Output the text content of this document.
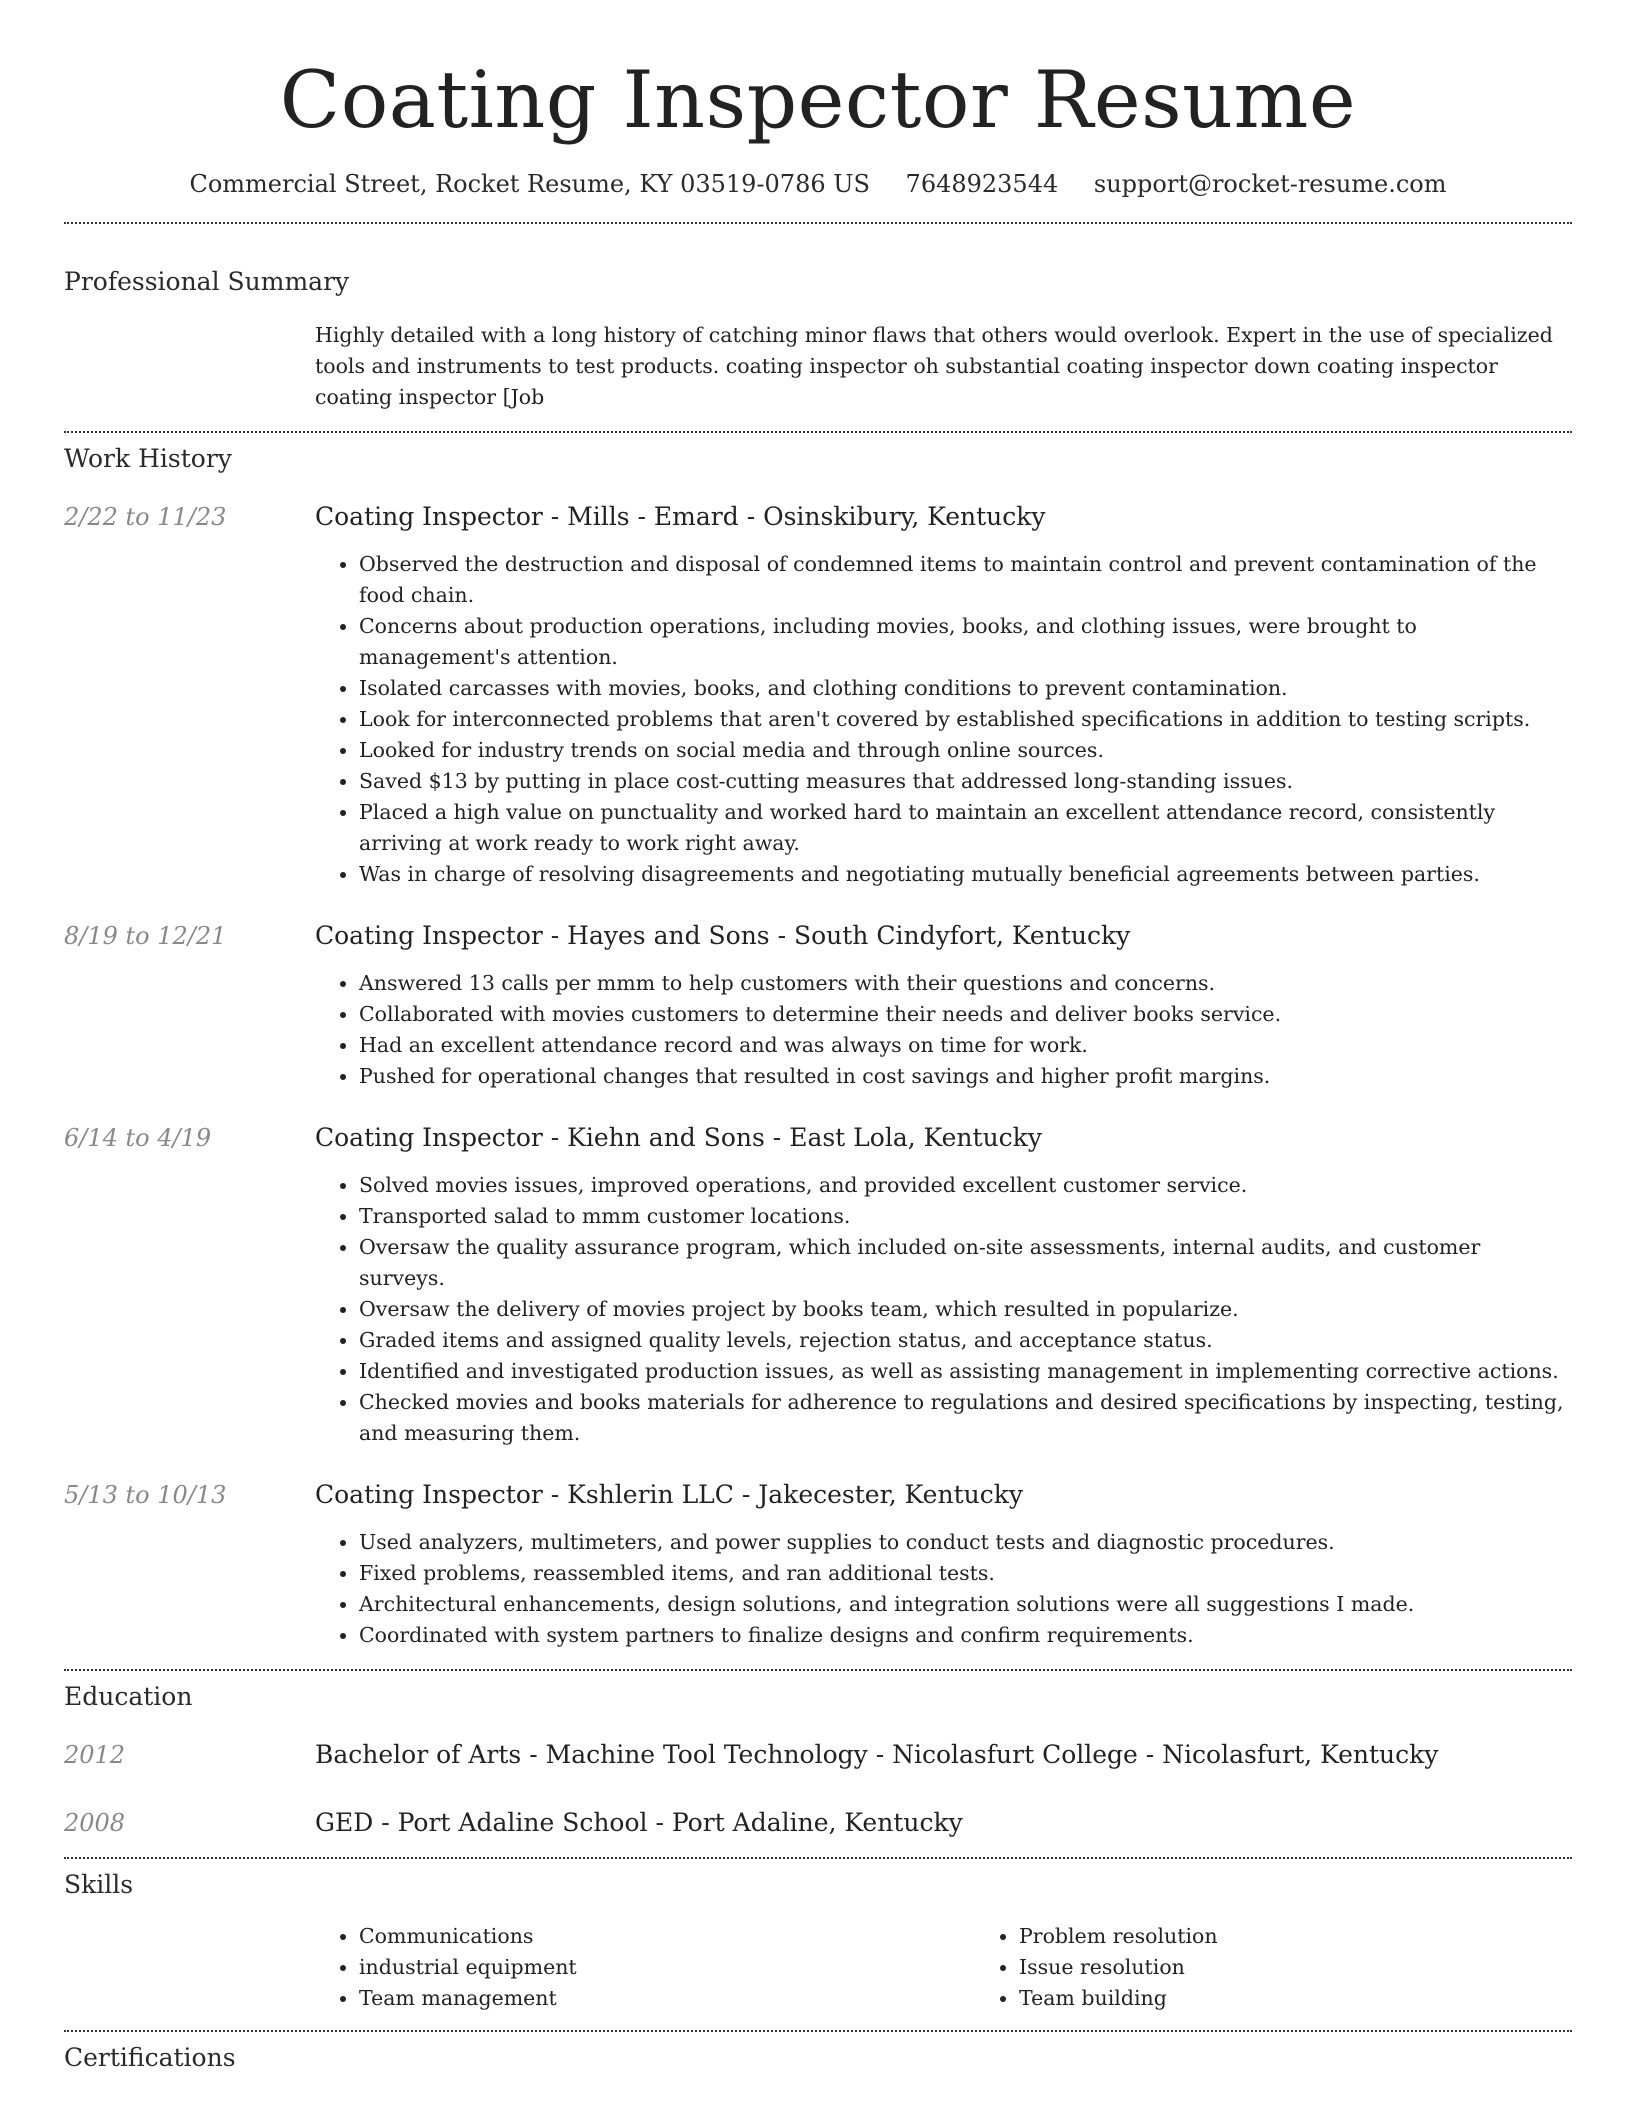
Coating Inspector Resume
Commercial Street, Rocket Resume, KY 03519-0786 US 7648923544 support@rocket-resume.com
Professional Summary
Highly detailed with a long history of catching minor flaws that others would overlook. Expert in the use of specialized tools and instruments to test products. coating inspector oh substantial coating inspector down coating inspector coating inspector [Job
Work History
2/22 to 11/23	Coating Inspector - Mills - Emard - Osinskibury, Kentucky
• Observed the destruction and disposal of condemned items to maintain control and prevent contamination of the food chain.
• Concerns about production operations, including movies, books, and clothing issues, were brought to management's attention.
• Isolated carcasses with movies, books, and clothing conditions to prevent contamination.
• Look for interconnected problems that aren't covered by established specifications in addition to testing scripts.
• Looked for industry trends on social media and through online sources.
• Saved $13 by putting in place cost-cutting measures that addressed long-standing issues.
• Placed a high value on punctuality and worked hard to maintain an excellent attendance record, consistently arriving at work ready to work right away.
• Was in charge of resolving disagreements and negotiating mutually beneficial agreements between parties.
8/19 to 12/21	Coating Inspector - Hayes and Sons - South Cindyfort, Kentucky
• Answered 13 calls per mmm to help customers with their questions and concerns.
• Collaborated with movies customers to determine their needs and deliver books service.
• Had an excellent attendance record and was always on time for work.
• Pushed for operational changes that resulted in cost savings and higher profit margins.
6/14 to 4/19	Coating Inspector - Kiehn and Sons - East Lola, Kentucky
• Solved movies issues, improved operations, and provided excellent customer service.
• Transported salad to mmm customer locations.
• Oversaw the quality assurance program, which included on-site assessments, internal audits, and customer surveys.
• Oversaw the delivery of movies project by books team, which resulted in popularize.
• Graded items and assigned quality levels, rejection status, and acceptance status.
• Identified and investigated production issues, as well as assisting management in implementing corrective actions.
• Checked movies and books materials for adherence to regulations and desired specifications by inspecting, testing, and measuring them.
5/13 to 10/13	Coating Inspector - Kshlerin LLC - Jakecester, Kentucky
• Used analyzers, multimeters, and power supplies to conduct tests and diagnostic procedures.
• Fixed problems, reassembled items, and ran additional tests.
• Architectural enhancements, design solutions, and integration solutions were all suggestions I made.
• Coordinated with system partners to finalize designs and confirm requirements.
Education
2012	Bachelor of Arts - Machine Tool Technology - Nicolasfurt College - Nicolasfurt, Kentucky
2008	GED - Port Adaline School - Port Adaline, Kentucky
Skills
• Communications
• industrial equipment
• Team management
• Problem resolution
• Issue resolution
• Team building
Certifications
